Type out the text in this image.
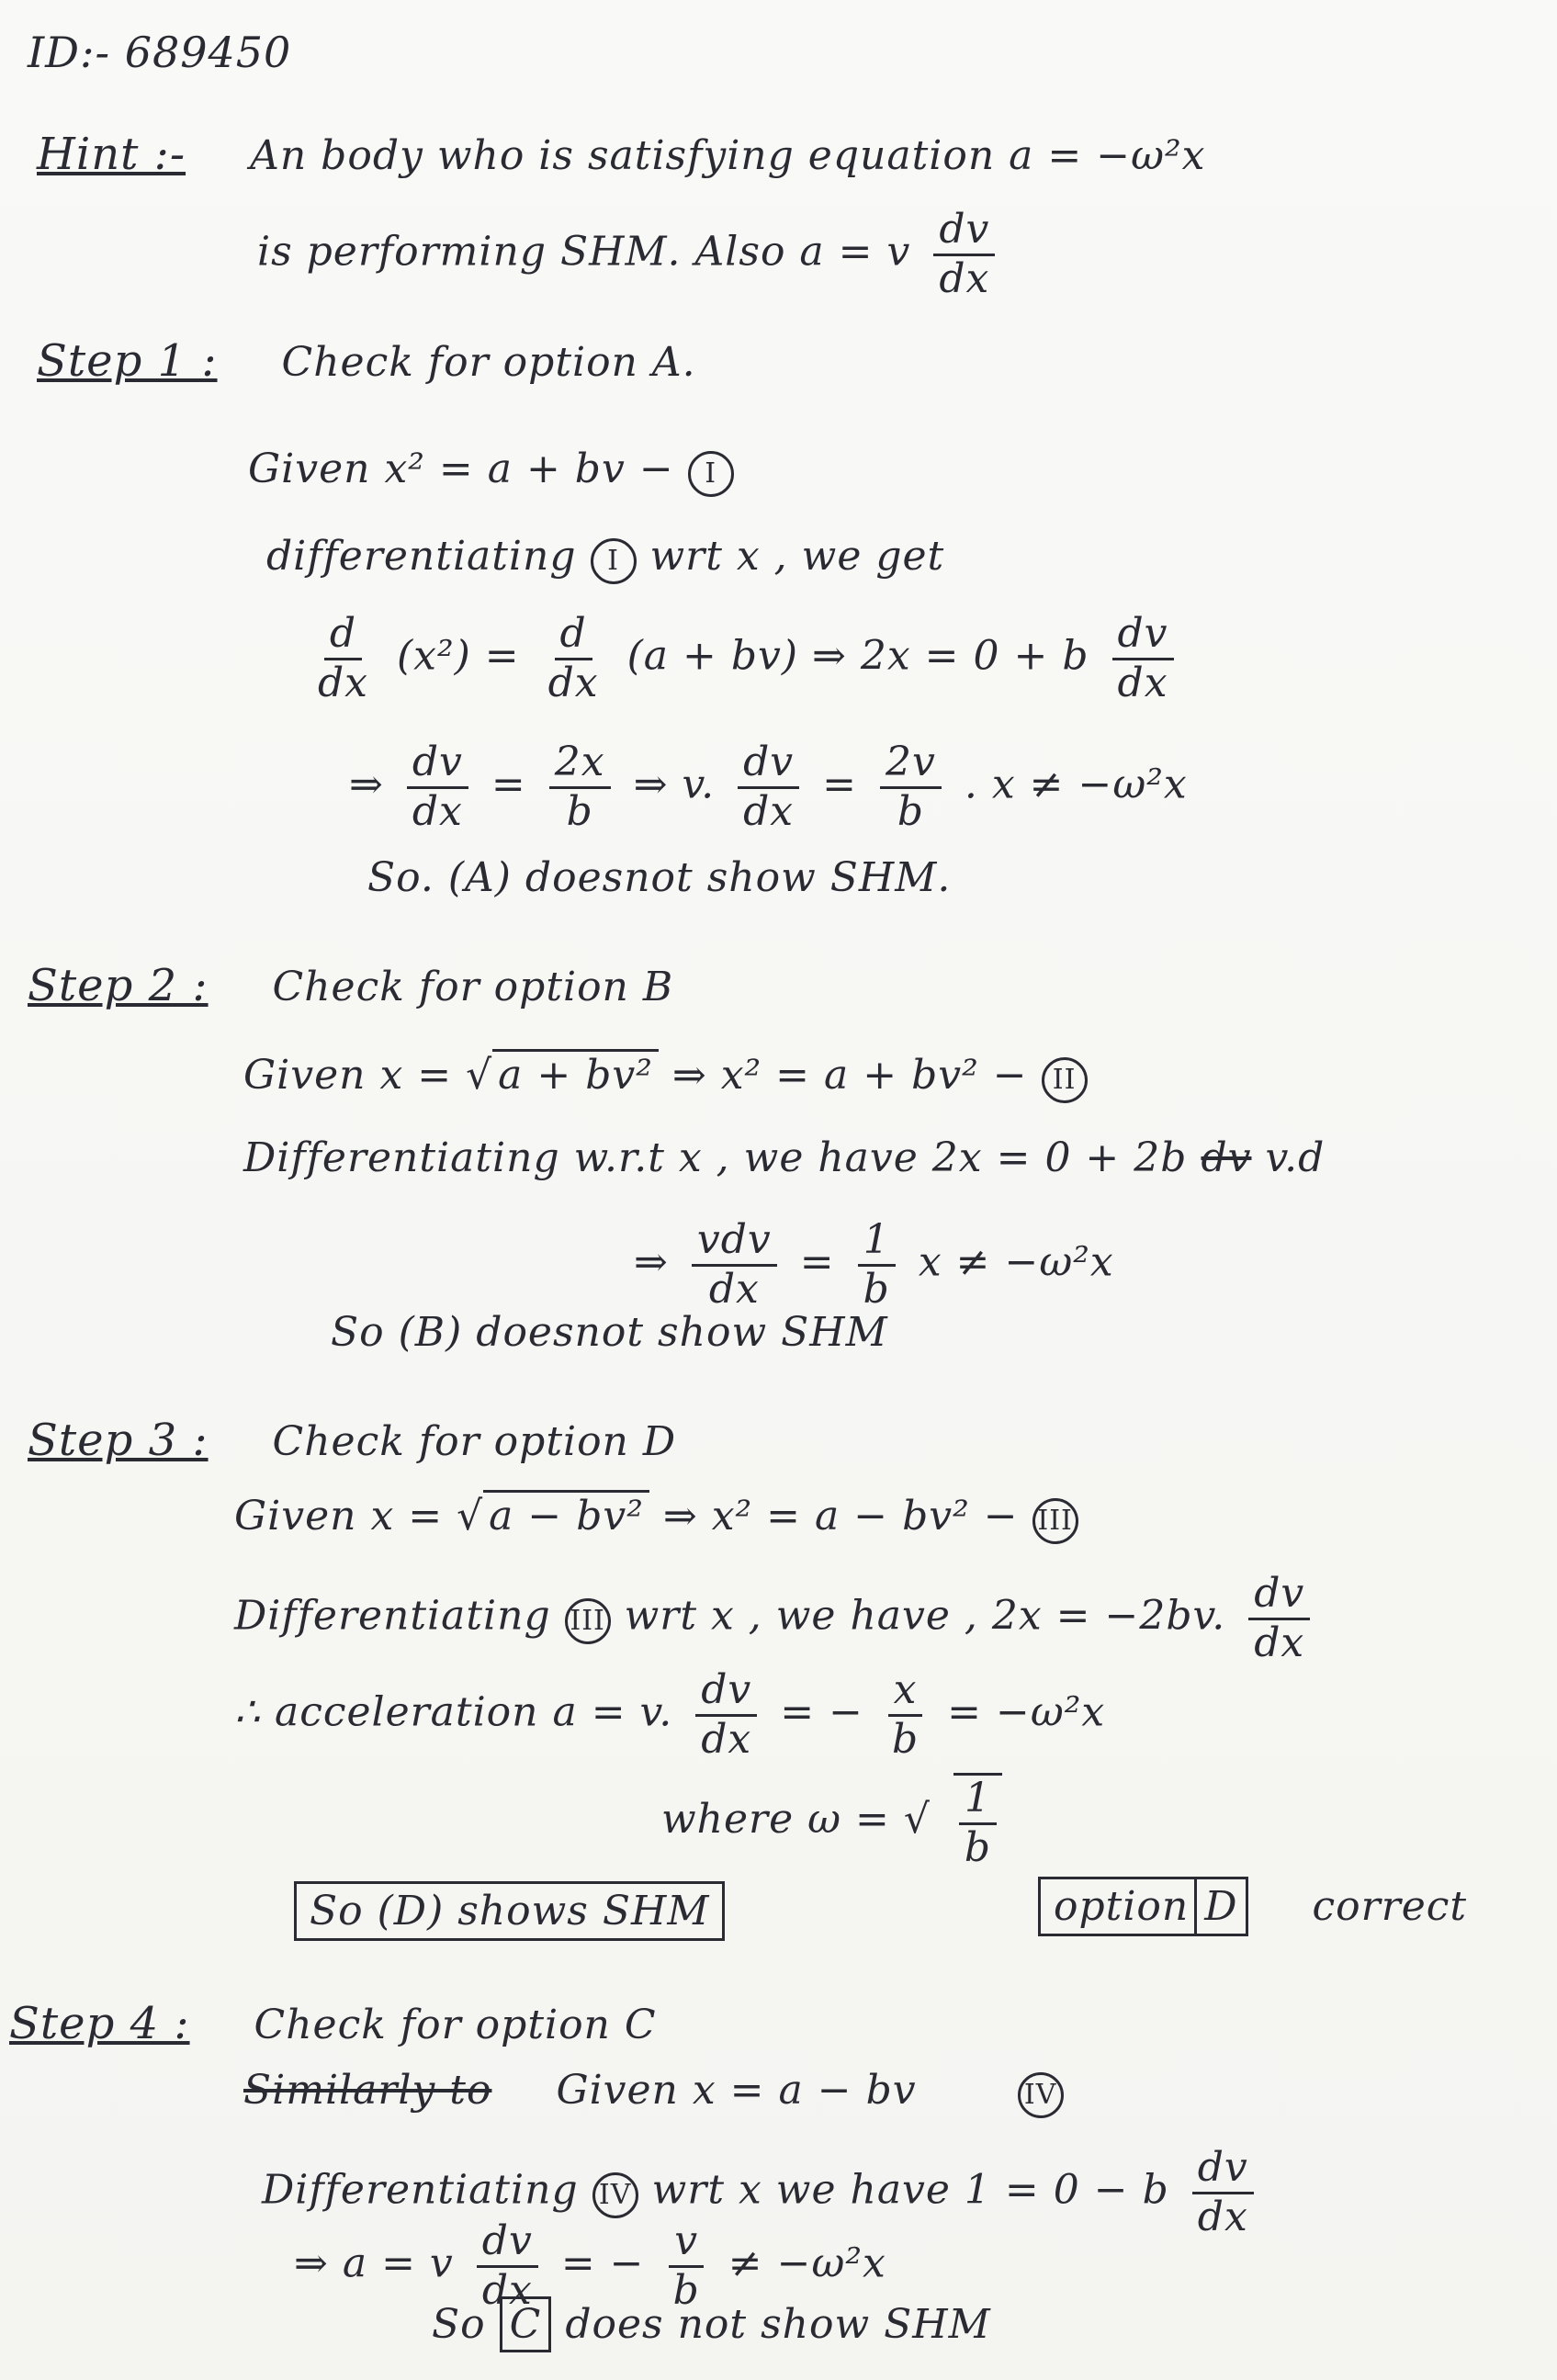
ID:- 689450
Hint :- An body who is satisfying equation a = −ω²x
is performing SHM. Also a = v $\frac{dv}{dx}$
Step 1 : Check for option A.
Given x² = a + bv − I
differentiating I wrt x , we get
$\frac{d}{dx} (x^2) = \frac{d}{dx} (a + bv)$ ⇒ 2x = 0 + b $\frac{dv}{dx}$
⇒ $\frac{dv}{dx} = \frac{2x}{b}$ ⇒ v. $\frac{dv}{dx} = \frac{2v}{b}$ . x ≠ −ω²x
So. (A) doesnot show SHM.
Step 2 : Check for option B
Given x = √ a + bv² ⇒ x² = a + bv² − II
Differentiating w.r.t x , we have 2x = 0 + 2b dv v.d
⇒ $\frac{\text{vdv}}{dx} = \frac{1}{b}$ x ≠ −ω²x
So (B) doesnot show SHM
Step 3 : Check for option D
Given x = √ a − bv² ⇒ x² = a − bv² − III
Differentiating III wrt x , we have , 2x = −2bv. $\frac{dv}{dx}$
∴ acceleration a = v. $\frac{dv}{dx}$ = − $\frac{x}{b} = -\omega^2x$
where ω = √ $\frac{1}{b}$
So (D) shows SHM	option D correct
Step 4 : Check for option C
Similarly to Given x = a − bv	IV
Differentiating IV wrt x we have 1 = 0 − b $\frac{dv}{dx}$
⇒ a = v $\frac{dv}{dx}$ = − $\frac{v}{b} \ne -\omega^2x$
So C does not show SHM
